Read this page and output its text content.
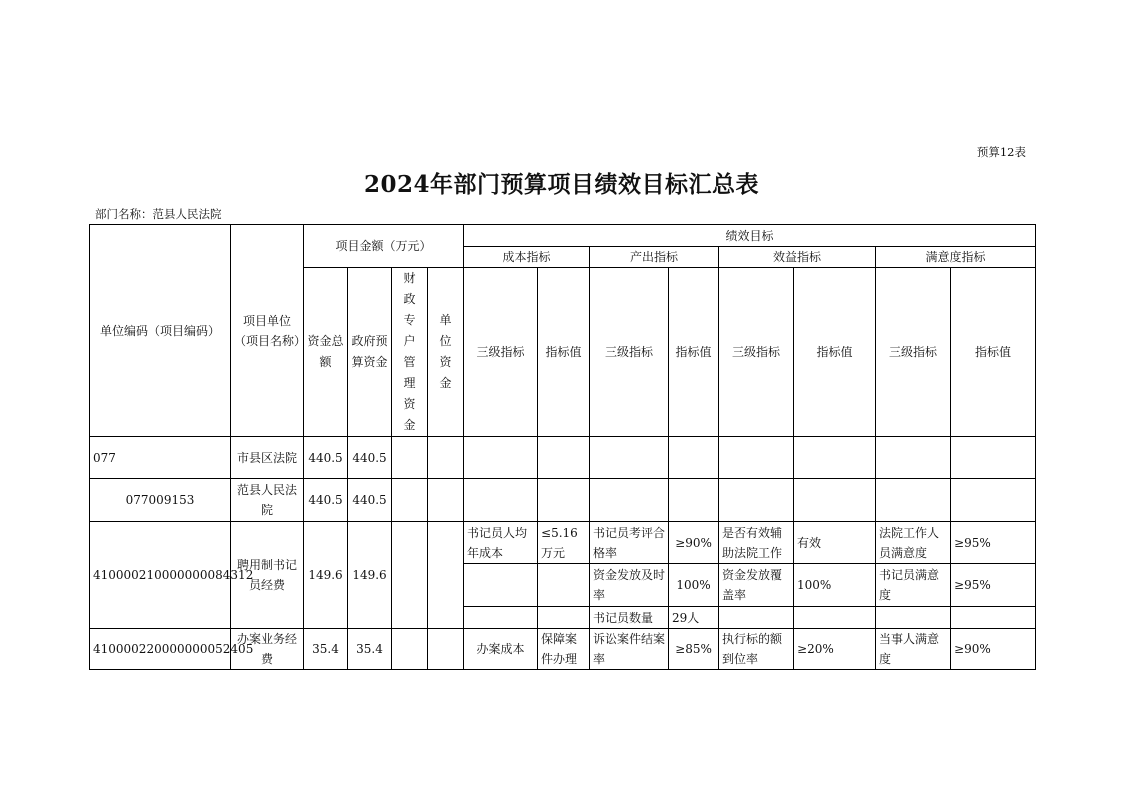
预算12表
2024年部门预算项目绩效目标汇总表
部门名称：范县人民法院
单位编码（项目编码）	项目单位（项目名称）	项目金额（万元）				绩效目标							
						成本指标		产出指标		效益指标		满意度指标	
		资金总额	政府预算资金	财政专户管理资金	单位资金	三级指标	指标值	三级指标	指标值	三级指标	指标值	三级指标	指标值
077	市县区法院	440.5	440.5										
077009153	范县人民法院	440.5	440.5										
410000210000000084312	聘用制书记员经费	149.6	149.6			书记员人均年成本	≤5.16万元	书记员考评合格率	≥90%	是否有效辅助法院工作	有效	法院工作人员满意度	≥95%
								资金发放及时率	100%	资金发放覆盖率	100%	书记员满意度	≥95%
								书记员数量	29人				
410000220000000052405	办案业务经费	35.4	35.4			办案成本	保障案件办理	诉讼案件结案率	≥85%	执行标的额到位率	≥20%	当事人满意度	≥90%
